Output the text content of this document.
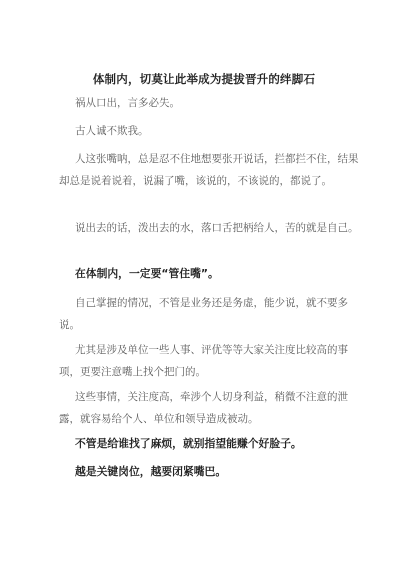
体制内，切莫让此举成为提拔晋升的绊脚石
祸从口出，言多必失。
古人诚不欺我。
人这张嘴呐，总是忍不住地想要张开说话，拦都拦不住，结果却总是说着说着，说漏了嘴，该说的，不该说的，都说了。
说出去的话，泼出去的水，落口舌把柄给人，苦的就是自己。
在体制内，一定要“管住嘴”。
自己掌握的情况，不管是业务还是务虚，能少说，就不要多说。
尤其是涉及单位一些人事、评优等等大家关注度比较高的事项，更要注意嘴上找个把门的。
这些事情，关注度高，牵涉个人切身利益，稍微不注意的泄露，就容易给个人、单位和领导造成被动。
不管是给谁找了麻烦，就别指望能赚个好脸子。
越是关键岗位，越要闭紧嘴巴。
